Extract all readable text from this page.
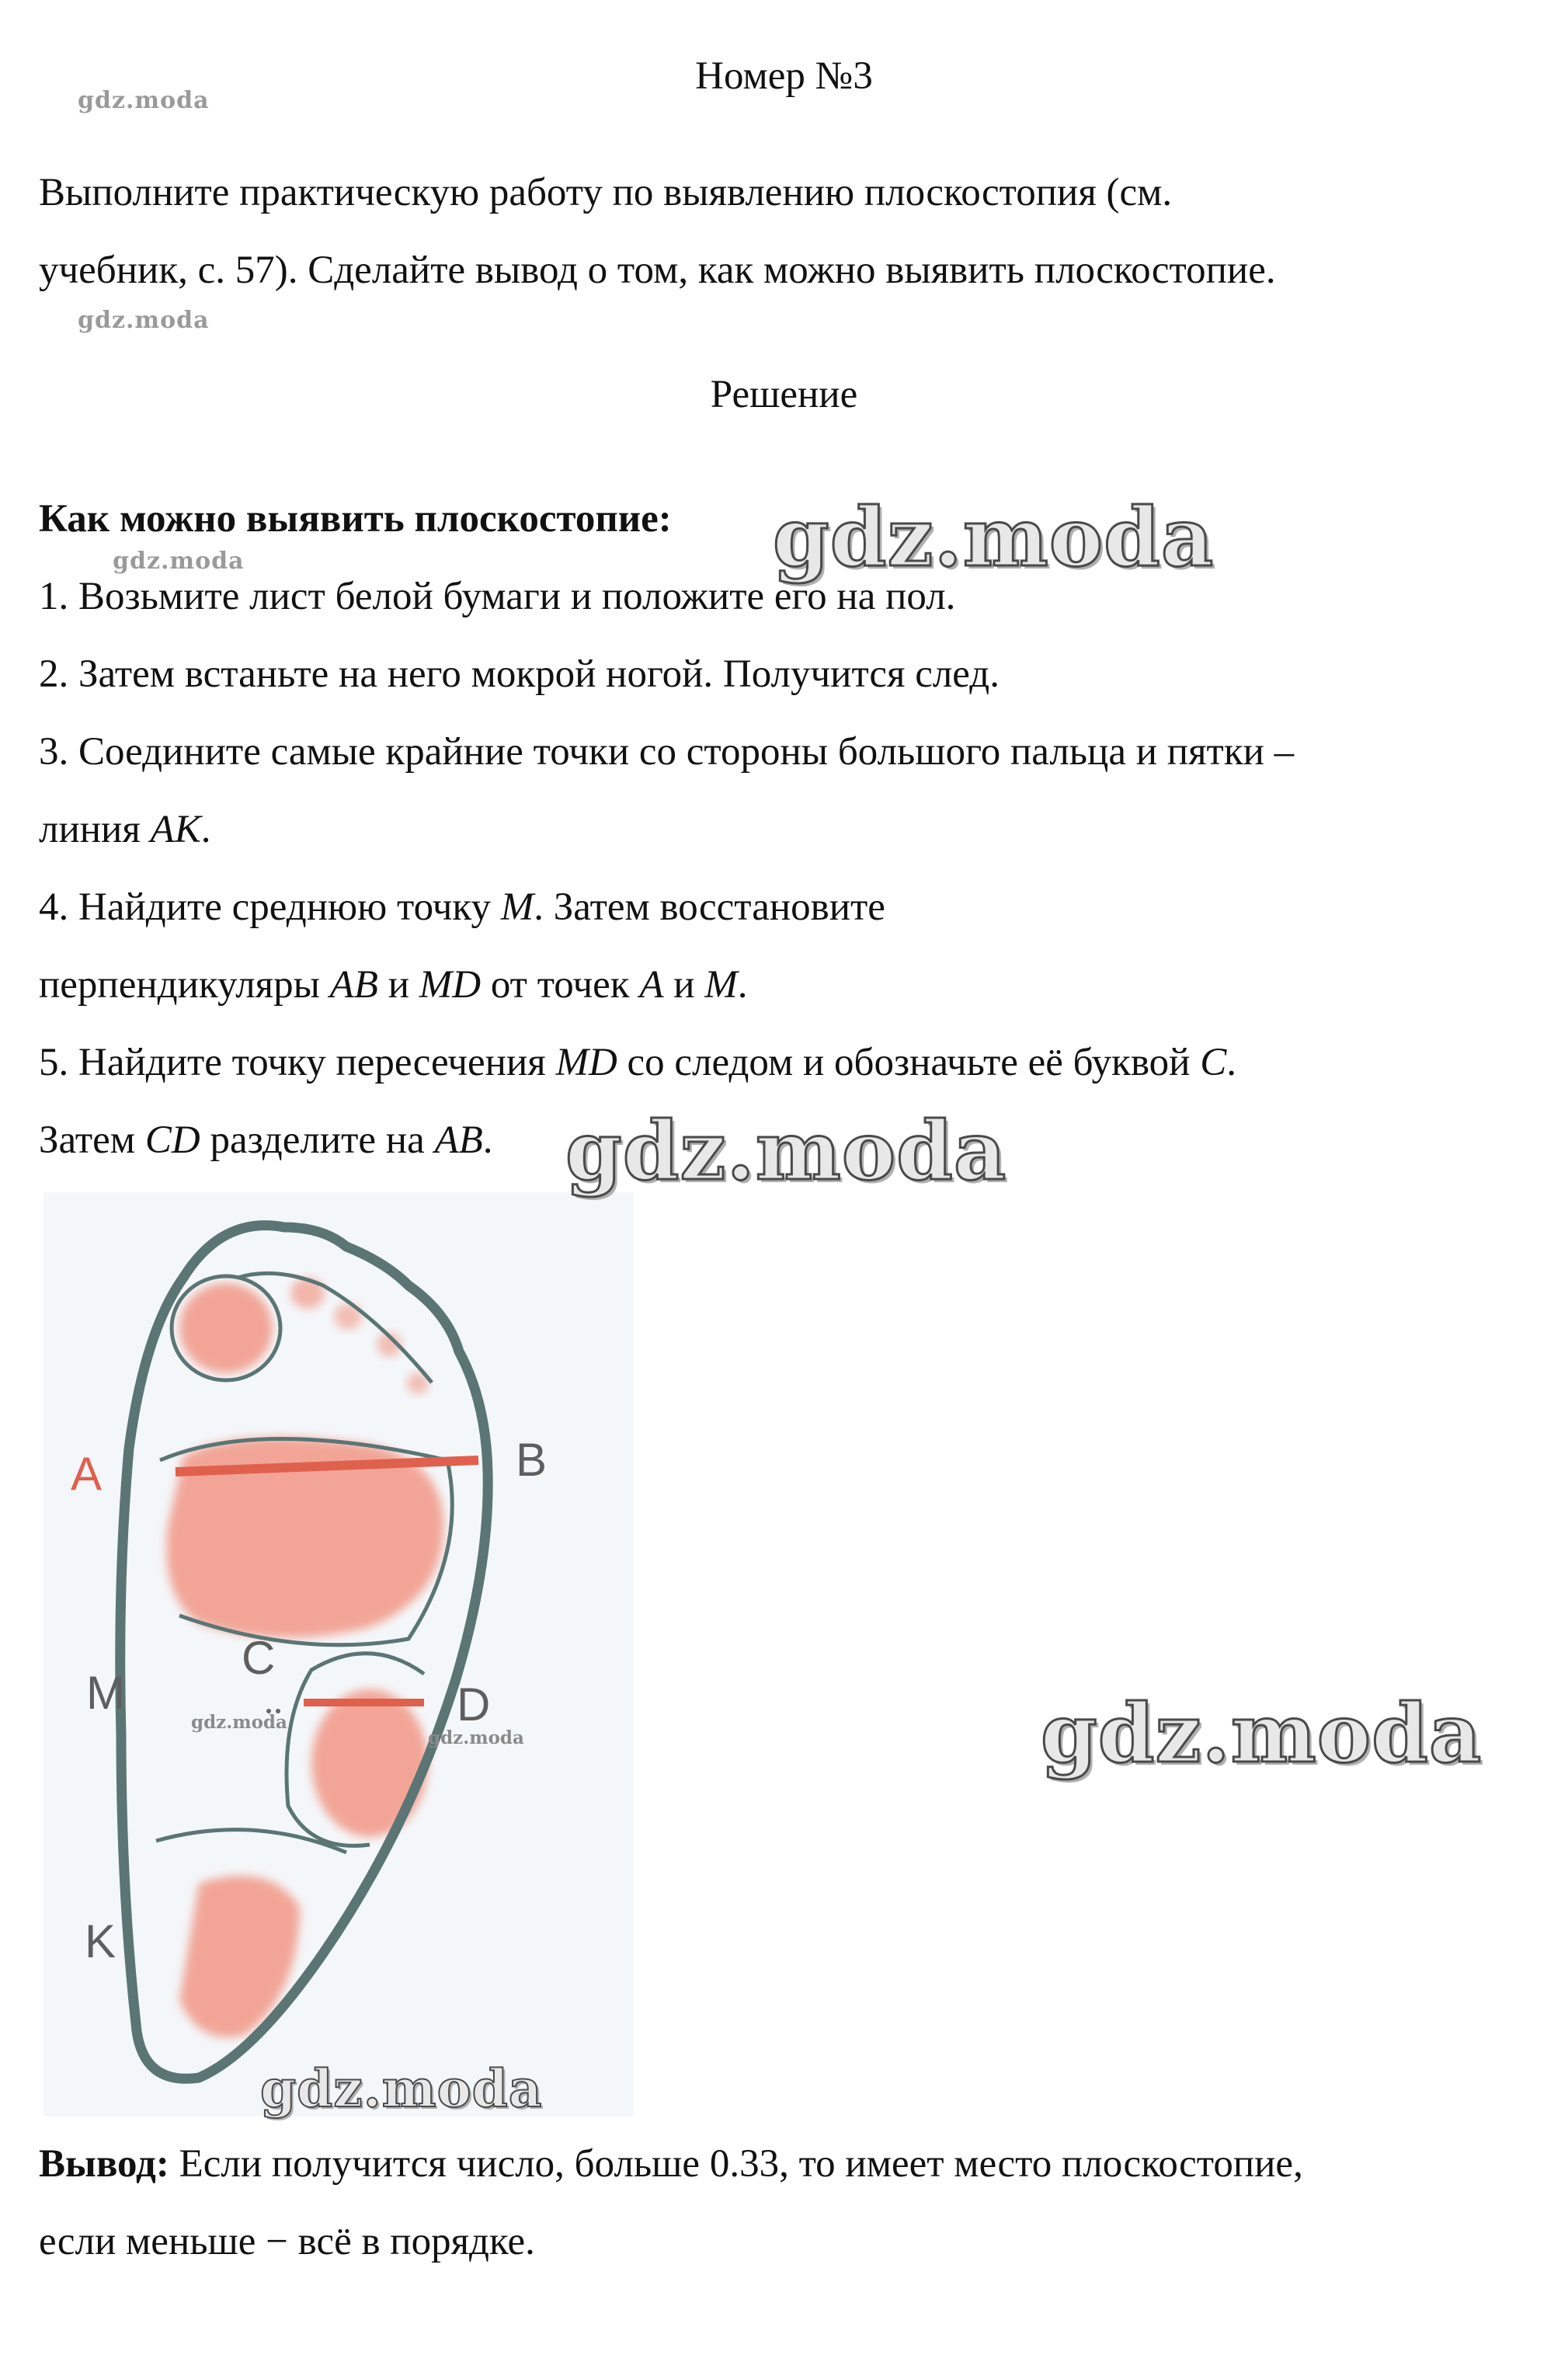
Номер №3
Выполните практическую работу по выявлению плоскостопия (см.
учебник, с. 57). Сделайте вывод о том, как можно выявить плоскостопие.
Решение
Как можно выявить плоскостопие:
1. Возьмите лист белой бумаги и положите его на пол.
2. Затем встаньте на него мокрой ногой. Получится след.
3. Соедините самые крайние точки со стороны большого пальца и пятки –
линия AK.
4. Найдите среднюю точку M. Затем восстановите
перпендикуляры AB и MD от точек A и M.
5. Найдите точку пересечения MD со следом и обозначьте её буквой C.
Затем CD разделите на AB.
A	B
C
D
M
K
gdz.moda
gdz.moda
Вывод: Если получится число, больше 0.33, то имеет место плоскостопие,
если меньше − всё в порядке.
gdz.moda
gdz.moda
gdz.moda	gdz.moda
gdz.moda
gdz.moda
gdz.moda
